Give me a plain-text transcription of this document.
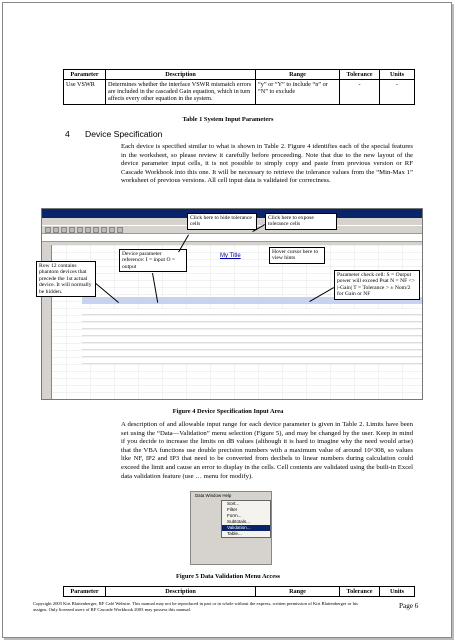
Parameter	Description	Range	Tolerance	Units
Use VSWR	Determines whether the interface VSWR mismatch errors are included in the cascaded Gain equation, which in turn affects every other equation in the system.	“y” or “Y” to include “n” or “N” to exclude	-	-
Table 1 System Input Parameters
4 Device Specification
Each device is specified similar to what is shown in Table 2. Figure 4 identifies each of the special features in the worksheet, so please review it carefully before proceeding. Note that due to the new layout of the device parameter input cells, it is not possible to simply copy and paste from previous version or RF Cascade Workbook into this one. It will be necessary to retrieve the tolerance values from the “Min-Max 1” worksheet of previous versions. All cell input data is validated for correctness.
My Title
Click here to hide tolerance cells
Click here to expose tolerance cells
Device parameter reference: I = input O = output
Hover cursor here to view hints
Row 12 contains phantom devices that precede the 1st actual device. It will normally be hidden.
Parameter check cell: S = Output power will exceed Psat N = NF <> |-Gain| T = Tolerance > ± Nom/2 for Gain or NF
Figure 4 Device Specification Input Area
A description of and allowable input range for each device parameter is given in Table 2. Limits have been set using the “Data––Validation” menu selection (Figure 5), and may be changed by the user. Keep in mind if you decide to increase the limits on dB values (although it is hard to imagine why the need would arise) that the VBA functions use double precision numbers with a maximum value of around 10^308, so values like NF, IP2 and IP3 that need to be converted from decibels to linear numbers during calculation could exceed the limit and cause an error to display in the cells. Cell contents are validated using the built-in Excel data validation feature (use … menu for modify).
Data Window Help
Sort...
Filter
Form...
Subtotals...
Validation...
Table...
Figure 5 Data Validation Menu Access
Parameter	Description	Range	Tolerance	Units
Copyright 2003 Kirt Blattenberger, RF Café Website. This manual may not be reproduced in part or in whole without the express, written permission of Kirt Blattenberger or his assigns. Only licensed users of RF Cascade Workbook 2003 may possess this manual.	Page 6
